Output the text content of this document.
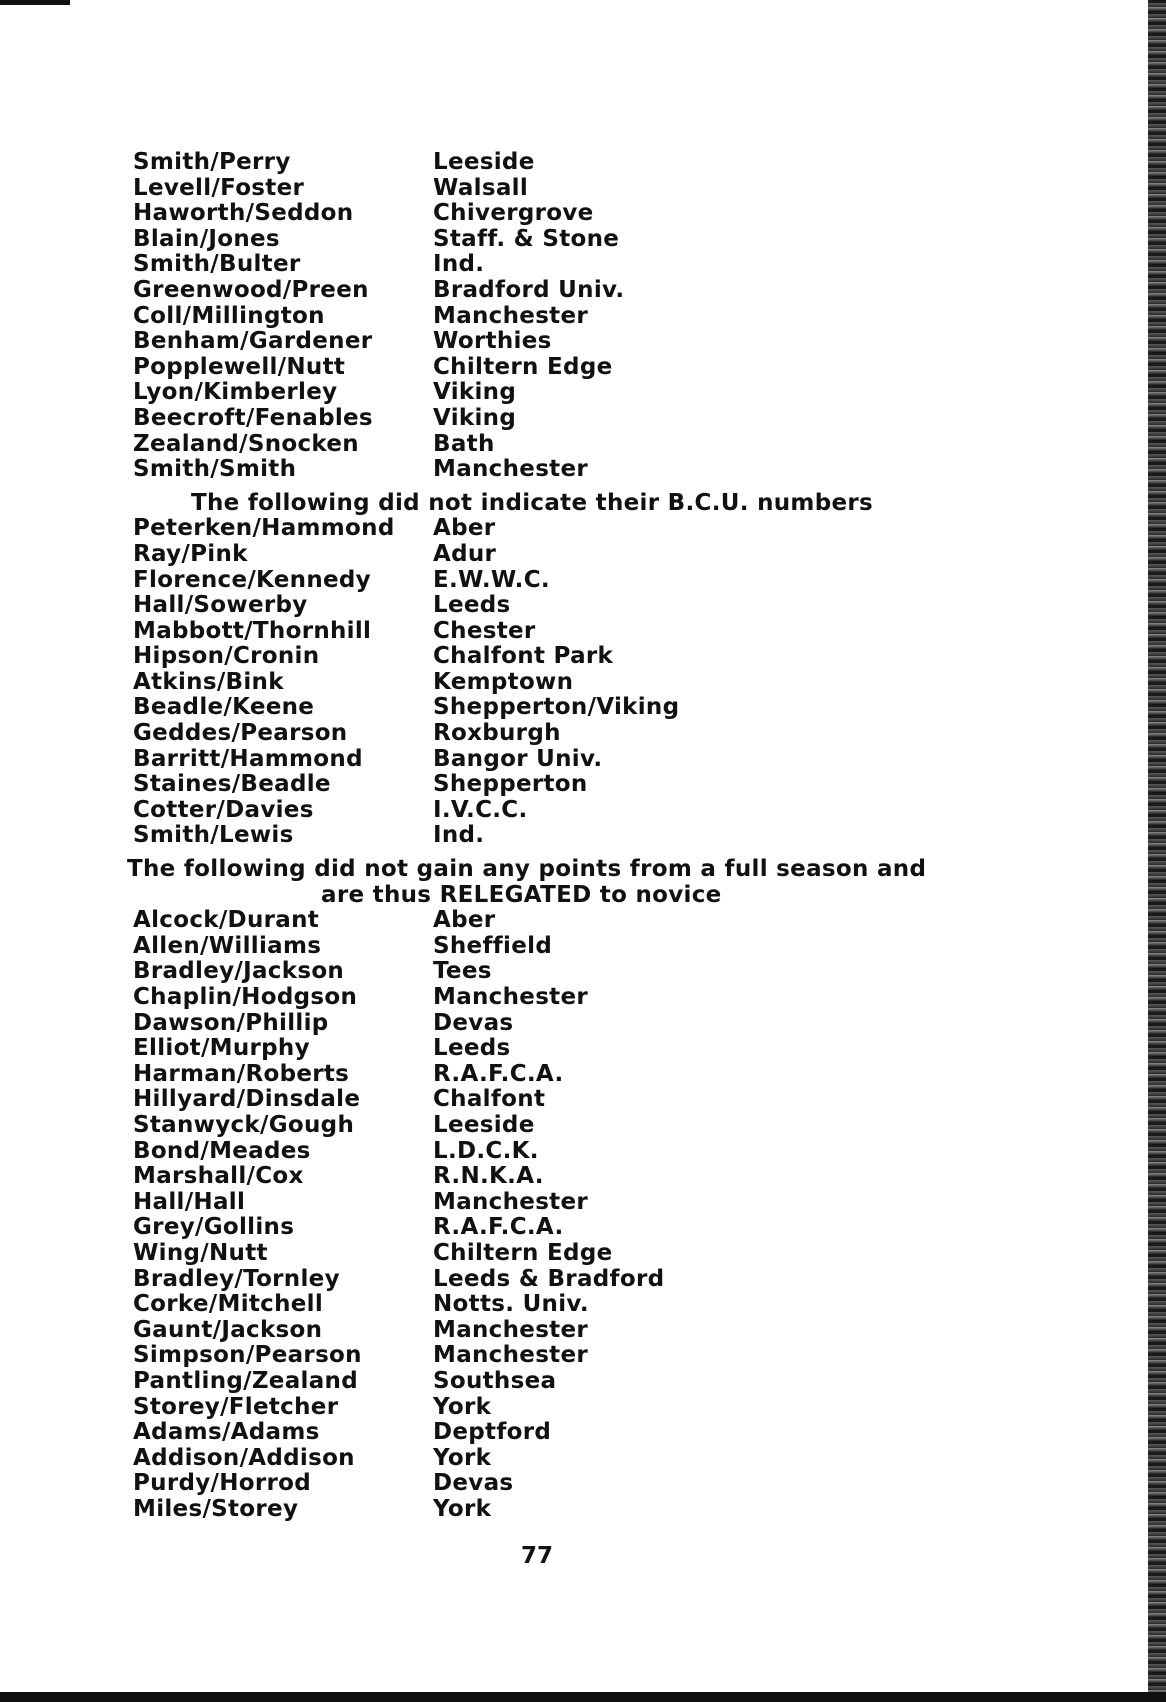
Smith/Perry	Leeside
Levell/Foster	Walsall
Haworth/Seddon	Chivergrove
Blain/Jones	Staff. & Stone
Smith/Bulter	Ind.
Greenwood/Preen	Bradford Univ.
Coll/Millington	Manchester
Benham/Gardener	Worthies
Popplewell/Nutt	Chiltern Edge
Lyon/Kimberley	Viking
Beecroft/Fenables	Viking
Zealand/Snocken	Bath
Smith/Smith	Manchester
The following did not indicate their B.C.U. numbers
Peterken/Hammond	Aber
Ray/Pink	Adur
Florence/Kennedy	E.W.W.C.
Hall/Sowerby	Leeds
Mabbott/Thornhill	Chester
Hipson/Cronin	Chalfont Park
Atkins/Bink	Kemptown
Beadle/Keene	Shepperton/Viking
Geddes/Pearson	Roxburgh
Barritt/Hammond	Bangor Univ.
Staines/Beadle	Shepperton
Cotter/Davies	I.V.C.C.
Smith/Lewis	Ind.
The following did not gain any points from a full season and
are thus RELEGATED to novice
Alcock/Durant	Aber
Allen/Williams	Sheffield
Bradley/Jackson	Tees
Chaplin/Hodgson	Manchester
Dawson/Phillip	Devas
Elliot/Murphy	Leeds
Harman/Roberts	R.A.F.C.A.
Hillyard/Dinsdale	Chalfont
Stanwyck/Gough	Leeside
Bond/Meades	L.D.C.K.
Marshall/Cox	R.N.K.A.
Hall/Hall	Manchester
Grey/Gollins	R.A.F.C.A.
Wing/Nutt	Chiltern Edge
Bradley/Tornley	Leeds & Bradford
Corke/Mitchell	Notts. Univ.
Gaunt/Jackson	Manchester
Simpson/Pearson	Manchester
Pantling/Zealand	Southsea
Storey/Fletcher	York
Adams/Adams	Deptford
Addison/Addison	York
Purdy/Horrod	Devas
Miles/Storey	York
77
